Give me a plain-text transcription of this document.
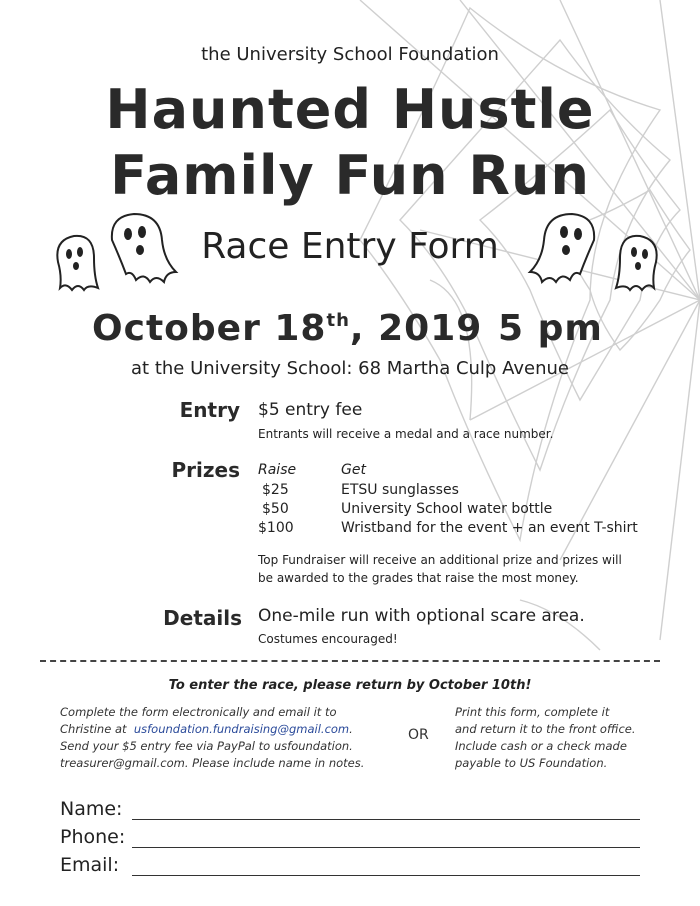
the University School Foundation
Haunted Hustle
Family Fun Run
Race Entry Form
October 18th, 2019 5 pm
at the University School: 68 Martha Culp Avenue
Entry $5 entry fee
Entrants will receive a medal and a race number.
Prizes Raise	Get
$25	ETSU sunglasses
$50	University School water bottle
$100	Wristband for the event + an event T-shirt
Top Fundraiser will receive an additional prize and prizes will
be awarded to the grades that raise the most money.
Details One-mile run with optional scare area.
Costumes encouraged!
To enter the race, please return by October 10th!
Complete the form electronically and email it to
Christine at usfoundation.fundraising@gmail.com.
Send your $5 entry fee via PayPal to usfoundation.
treasurer@gmail.com. Please include name in notes.
OR
Print this form, complete it
and return it to the front office.
Include cash or a check made
payable to US Foundation.
Name:
Phone:
Email:
